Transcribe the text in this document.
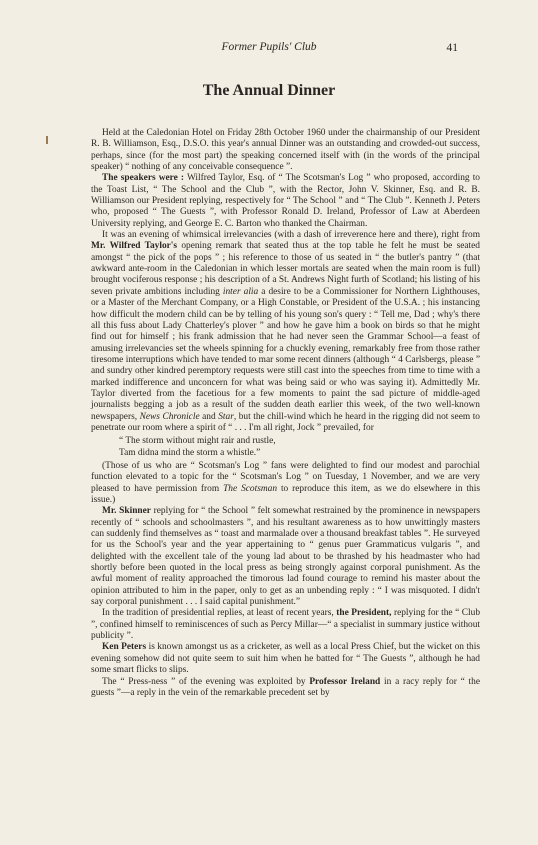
Former Pupils' Club	41
The Annual Dinner

Held at the Caledonian Hotel on Friday 28th October 1960 under the chairmanship of our President R. B. Williamson, Esq., D.S.O. this year's annual Dinner was an outstanding and crowded-out success, perhaps, since (for the most part) the speaking concerned itself with (in the words of the principal speaker) “ nothing of any conceivable consequence ”.

The speakers were : Wilfred Taylor, Esq. of “ The Scotsman's Log ” who proposed, according to the Toast List, “ The School and the Club ”, with the Rector, John V. Skinner, Esq. and R. B. Williamson our President replying, respectively for “ The School ” and “ The Club ”. Kenneth J. Peters who, proposed “ The Guests ”, with Professor Ronald D. Ireland, Professor of Law at Aberdeen University replying, and George E. C. Barton who thanked the Chairman.

It was an evening of whimsical irrelevancies (with a dash of irreverence here and there), right from Mr. Wilfred Taylor's opening remark that seated thus at the top table he felt he must be seated amongst “ the pick of the pops ” ; his reference to those of us seated in “ the butler's pantry ” (that awkward ante-room in the Caledonian in which lesser mortals are seated when the main room is full) brought vociferous response ; his description of a St. Andrews Night furth of Scotland; his listing of his seven private ambitions including inter alia a desire to be a Commissioner for Northern Lighthouses, or a Master of the Merchant Company, or a High Constable, or President of the U.S.A. ; his instancing how difficult the modern child can be by telling of his young son's query : “ Tell me, Dad ; why's there all this fuss about Lady Chatterley's plover ” and how he gave him a book on birds so that he might find out for himself ; his frank admission that he had never seen the Grammar School—a feast of amusing irrelevancies set the wheels spinning for a chuckly evening, remarkably free from those rather tiresome interruptions which have tended to mar some recent dinners (although “ 4 Carlsbergs, please ” and sundry other kindred peremptory requests were still cast into the speeches from time to time with a marked indifference and unconcern for what was being said or who was saying it). Admittedly Mr. Taylor diverted from the facetious for a few moments to paint the sad picture of middle-aged journalists begging a job as a result of the sudden death earlier this week, of the two well-known newspapers, News Chronicle and Star, but the chill-wind which he heard in the rigging did not seem to penetrate our room where a spirit of “ . . . I'm all right, Jock ” prevailed, for

“ The storm without might rair and rustle,
Tam didna mind the storm a whistle.”

(Those of us who are “ Scotsman's Log ” fans were delighted to find our modest and parochial function elevated to a topic for the “ Scotsman's Log ” on Tuesday, 1 November, and we are very pleased to have permission from The Scotsman to reproduce this item, as we do elsewhere in this issue.)

Mr. Skinner replying for “ the School ” felt somewhat restrained by the prominence in newspapers recently of “ schools and schoolmasters ”, and his resultant awareness as to how unwittingly masters can suddenly find themselves as “ toast and marmalade over a thousand breakfast tables ”. He surveyed for us the School's year and the year appertaining to “ genus puer Grammaticus vulgaris ”, and delighted with the excellent tale of the young lad about to be thrashed by his headmaster who had shortly before been quoted in the local press as being strongly against corporal punishment. As the awful moment of reality approached the timorous lad found courage to remind his master about the opinion attributed to him in the paper, only to get as an unbending reply : “ I was misquoted. I didn't say corporal punishment . . . I said capital punishment.”

In the tradition of presidential replies, at least of recent years, the President, replying for the “ Club ”, confined himself to reminiscences of such as Percy Millar—“ a specialist in summary justice without publicity ”.

Ken Peters is known amongst us as a cricketer, as well as a local Press Chief, but the wicket on this evening somehow did not quite seem to suit him when he batted for “ The Guests ”, although he had some smart flicks to slips.

The “ Press-ness ” of the evening was exploited by Professor Ireland in a racy reply for “ the guests ”—a reply in the vein of the remarkable precedent set by
